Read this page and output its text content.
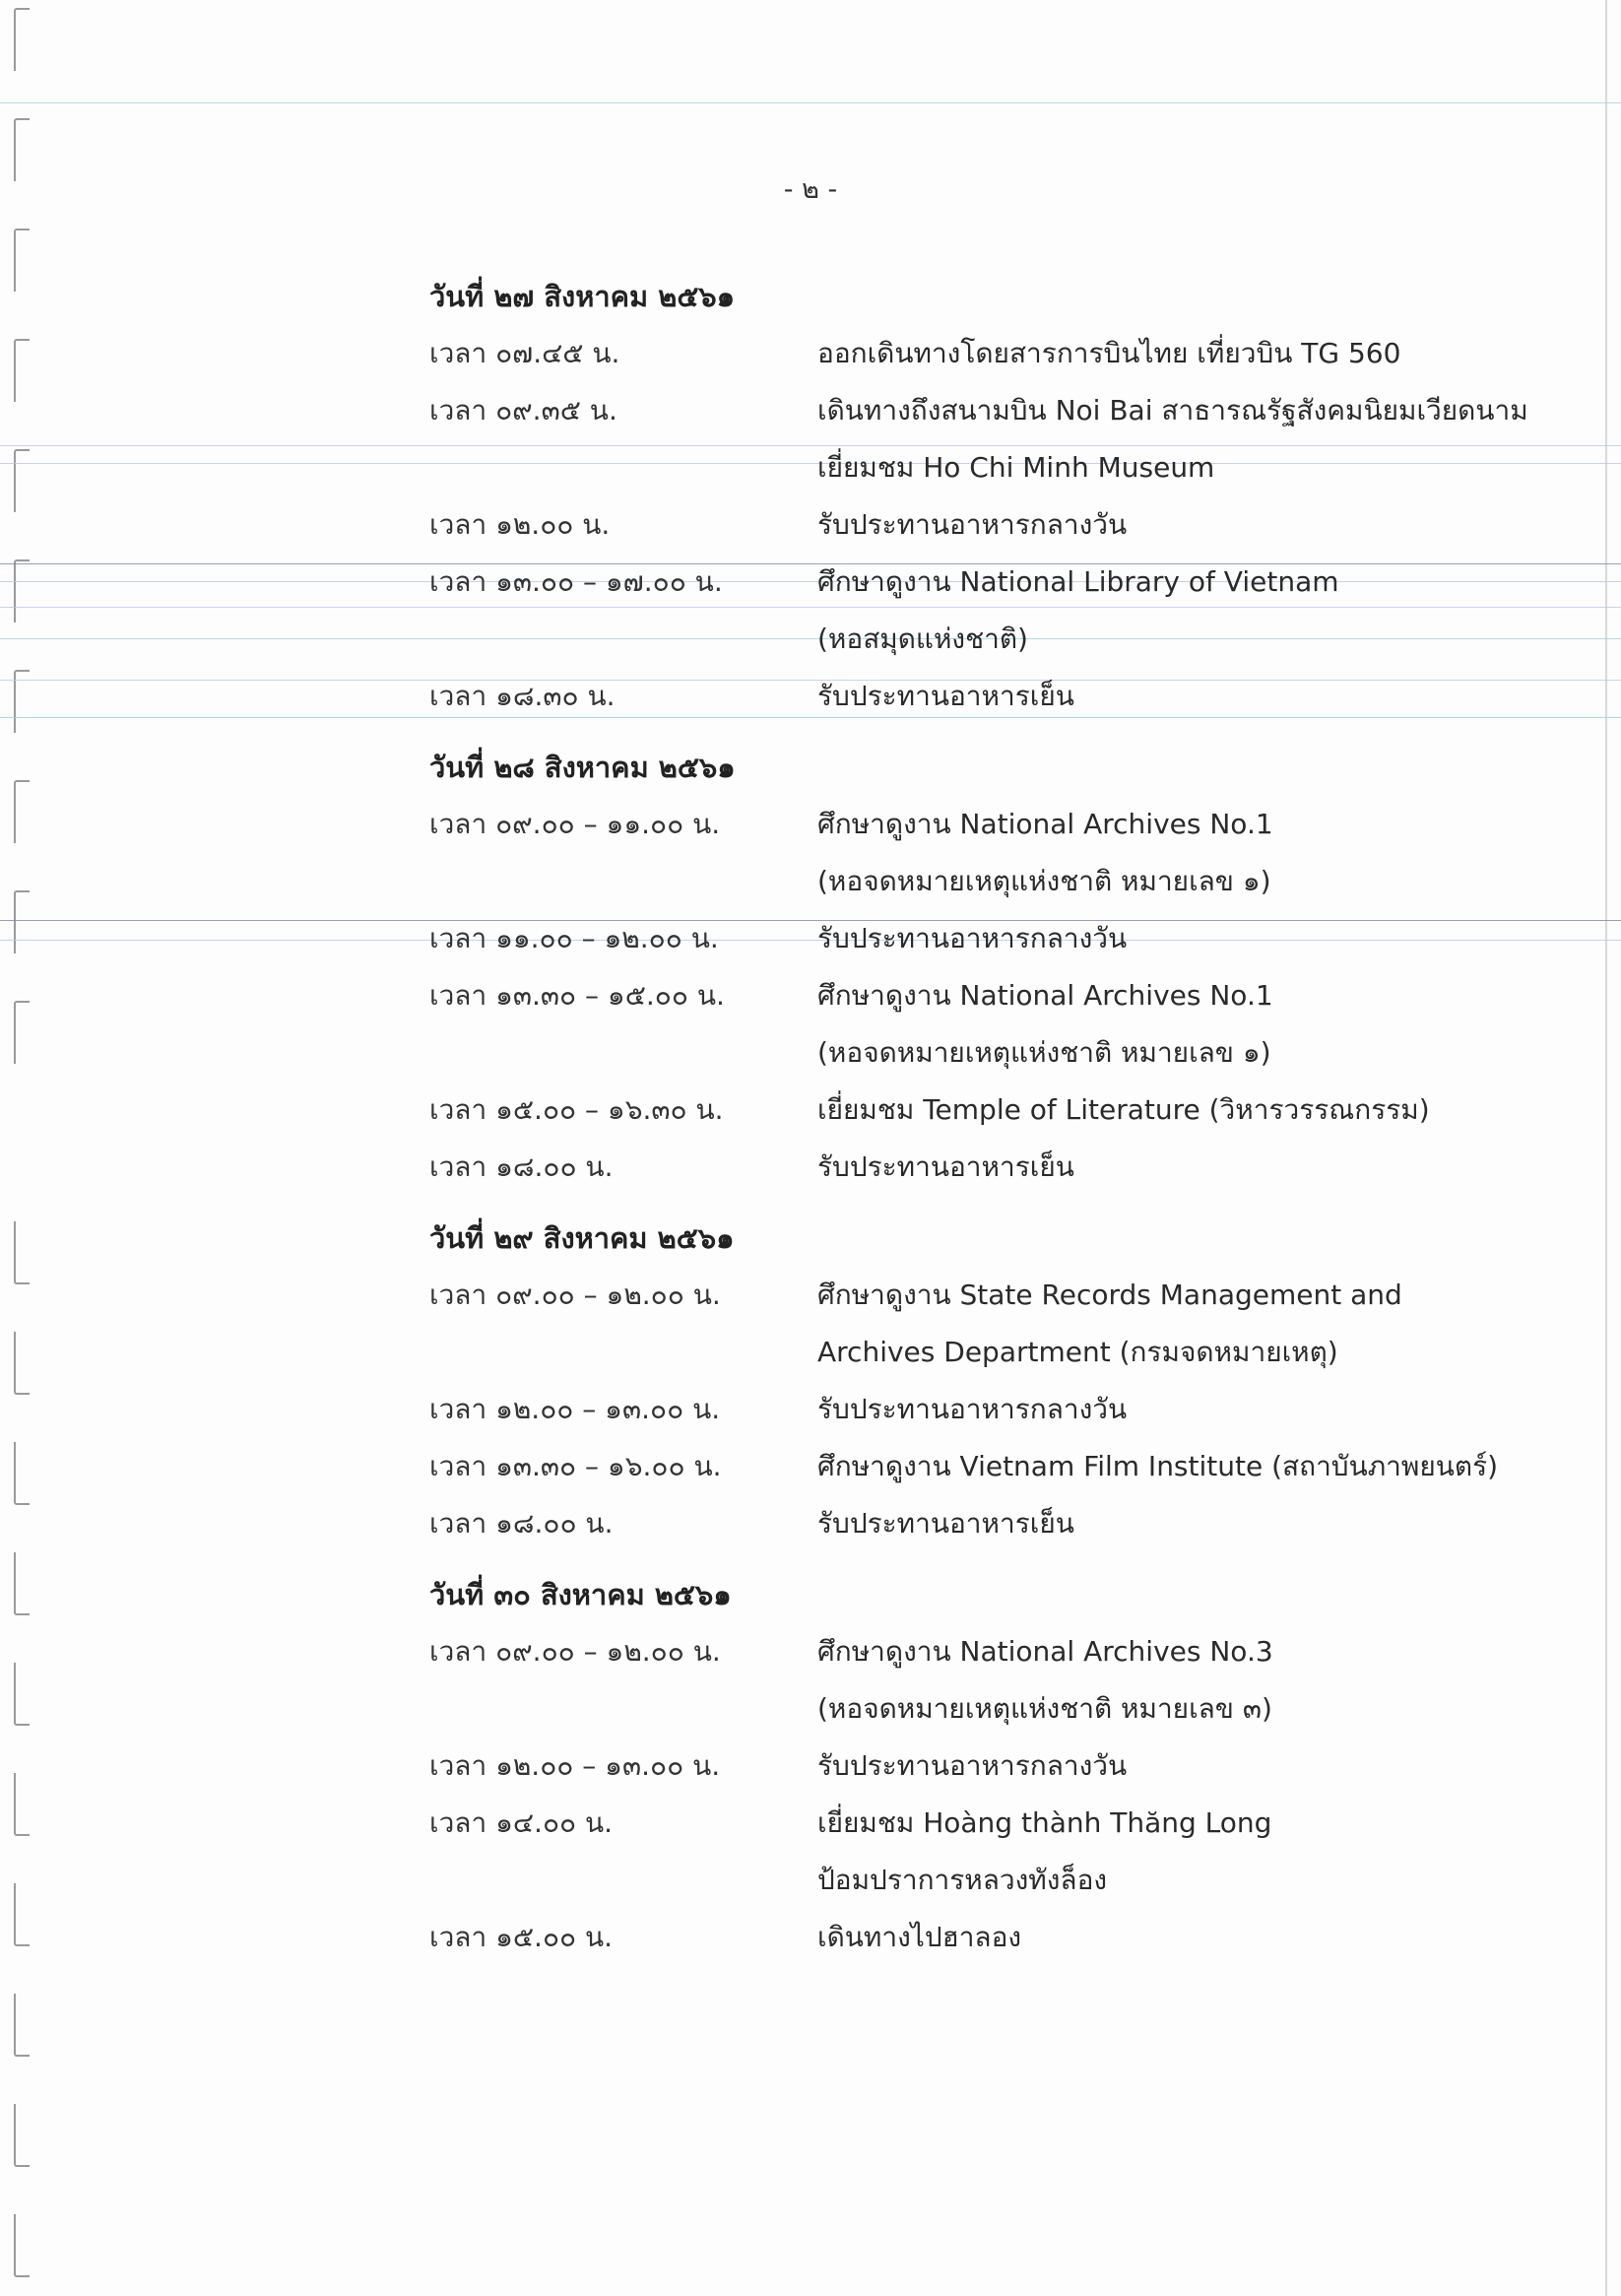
- ๒ -
วันที่ ๒๗ สิงหาคม ๒๕๖๑
เวลา ๐๗.๔๕ น.	ออกเดินทางโดยสารการบินไทย เที่ยวบิน TG 560
เวลา ๐๙.๓๕ น.	เดินทางถึงสนามบิน Noi Bai สาธารณรัฐสังคมนิยมเวียดนาม
เยี่ยมชม Ho Chi Minh Museum
เวลา ๑๒.๐๐ น.	รับประทานอาหารกลางวัน
เวลา ๑๓.๐๐ – ๑๗.๐๐ น.	ศึกษาดูงาน National Library of Vietnam
(หอสมุดแห่งชาติ)
เวลา ๑๘.๓๐ น.	รับประทานอาหารเย็น
วันที่ ๒๘ สิงหาคม ๒๕๖๑
เวลา ๐๙.๐๐ – ๑๑.๐๐ น.	ศึกษาดูงาน National Archives No.1
(หอจดหมายเหตุแห่งชาติ หมายเลข ๑)
เวลา ๑๑.๐๐ – ๑๒.๐๐ น.	รับประทานอาหารกลางวัน
เวลา ๑๓.๓๐ – ๑๕.๐๐ น.	ศึกษาดูงาน National Archives No.1
(หอจดหมายเหตุแห่งชาติ หมายเลข ๑)
เวลา ๑๕.๐๐ – ๑๖.๓๐ น.	เยี่ยมชม Temple of Literature (วิหารวรรณกรรม)
เวลา ๑๘.๐๐ น.	รับประทานอาหารเย็น
วันที่ ๒๙ สิงหาคม ๒๕๖๑
เวลา ๐๙.๐๐ – ๑๒.๐๐ น.	ศึกษาดูงาน State Records Management and
Archives Department (กรมจดหมายเหตุ)
เวลา ๑๒.๐๐ – ๑๓.๐๐ น.	รับประทานอาหารกลางวัน
เวลา ๑๓.๓๐ – ๑๖.๐๐ น.	ศึกษาดูงาน Vietnam Film Institute (สถาบันภาพยนตร์)
เวลา ๑๘.๐๐ น.	รับประทานอาหารเย็น
วันที่ ๓๐ สิงหาคม ๒๕๖๑
เวลา ๐๙.๐๐ – ๑๒.๐๐ น.	ศึกษาดูงาน National Archives No.3
(หอจดหมายเหตุแห่งชาติ หมายเลข ๓)
เวลา ๑๒.๐๐ – ๑๓.๐๐ น.	รับประทานอาหารกลางวัน
เวลา ๑๔.๐๐ น.	เยี่ยมชม Hoàng thành Thăng Long
ป้อมปราการหลวงทังล็อง
เวลา ๑๕.๐๐ น.	เดินทางไปฮาลอง
